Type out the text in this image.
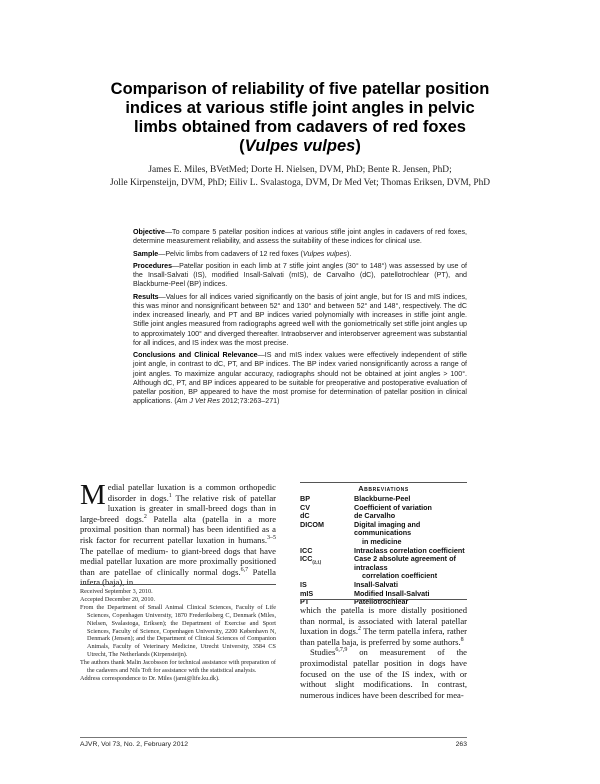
Comparison of reliability of five patellar position indices at various stifle joint angles in pelvic limbs obtained from cadavers of red foxes (Vulpes vulpes)
James E. Miles, BVetMed; Dorte H. Nielsen, DVM, PhD; Bente R. Jensen, PhD;
Jolle Kirpensteijn, DVM, PhD; Eiliv L. Svalastoga, DVM, Dr Med Vet; Thomas Eriksen, DVM, PhD

Objective—To compare 5 patellar position indices at various stifle joint angles in cadavers of red foxes, determine measurement reliability, and assess the suitability of these indices for clinical use.

Sample—Pelvic limbs from cadavers of 12 red foxes (Vulpes vulpes).

Procedures—Patellar position in each limb at 7 stifle joint angles (30° to 148°) was assessed by use of the Insall-Salvati (IS), modified Insall-Salvati (mIS), de Carvalho (dC), patellotrochlear (PT), and Blackburne-Peel (BP) indices.

Results—Values for all indices varied significantly on the basis of joint angle, but for IS and mIS indices, this was minor and nonsignificant between 52° and 130° and between 52° and 148°, respectively. The dC index increased linearly, and PT and BP indices varied polynomially with increases in stifle joint angle. Stifle joint angles measured from radiographs agreed well with the goniometrically set stifle joint angles up to approximately 100° and diverged thereafter. Intraobserver and interobserver agreement was substantial for all indices, and IS index was the most precise.

Conclusions and Clinical Relevance—IS and mIS index values were effectively independent of stifle joint angle, in contrast to dC, PT, and BP indices. The BP index varied nonsignificantly across a range of joint angles. To maximize angular accuracy, radiographs should not be obtained at joint angles > 100°. Although dC, PT, and BP indices appeared to be suitable for preoperative and postoperative evaluation of patellar position, BP appeared to have the most promise for determination of patellar position in clinical applications. (Am J Vet Res 2012;73:263–271)

Medial patellar luxation is a common orthopedic disorder in dogs.$^1$ The relative risk of patellar luxation is greater in small-breed dogs than in large-breed dogs.$^2$ Patella alta (patella in a more proximal position than normal) has been identified as a risk factor for recurrent patellar luxation in humans.$^{3-5}$ The patellae of medium- to giant-breed dogs that have medial patellar luxation are more proximally positioned than are patellae of clinically normal dogs.$^{6,7}$ Patella infera (baja), in

Received September 3, 2010.

Accepted December 20, 2010.

From the Department of Small Animal Clinical Sciences, Faculty of Life Sciences, Copenhagen University, 1870 Frederiksberg C, Denmark (Miles, Nielsen, Svalastoga, Eriksen); the Department of Exercise and Sport Sciences, Faculty of Science, Copenhagen University, 2200 København N, Denmark (Jensen); and the Department of Clinical Sciences of Companion Animals, Faculty of Veterinary Medicine, Utrecht University, 3584 CS Utrecht, The Netherlands (Kirpensteijn).

The authors thank Malin Jacobsson for technical assistance with preparation of the cadavers and Nils Toft for assistance with the statistical analysis.

Address correspondence to Dr. Miles (jami@life.ku.dk).

Abbreviations
BP	Blackburne-Peel
CV	Coefficient of variation
dC	de Carvalho
DICOM	Digital imaging and communications
in medicine
ICC	Intraclass correlation coefficient
$ICC_{(2,1)}$	Case 2 absolute agreement of intraclass
correlation coefficient
IS	Insall-Salvati
mIS	Modified Insall-Salvati
PT	Patellotrochlear

which the patella is more distally positioned than normal, is associated with lateral patellar luxation in dogs.$^2$ The term patella infera, rather than patella baja, is preferred by some authors.$^8$

Studies$^{6,7,9}$ on measurement of the proximodistal patellar position in dogs have focused on the use of the IS index, with or without slight modifications. In contrast, numerous indices have been described for mea-

AJVR, Vol 73, No. 2, February 2012	263
